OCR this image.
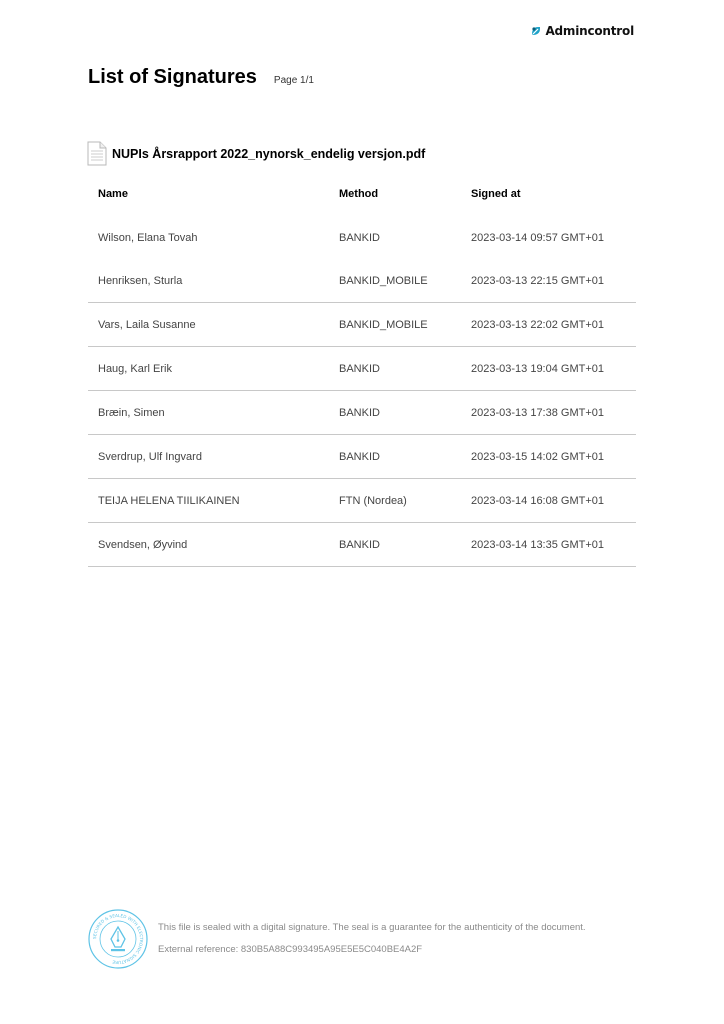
Admincontrol
List of Signatures Page 1/1
NUPIs Årsrapport 2022_nynorsk_endelig versjon.pdf
Name	Method	Signed at
Wilson, Elana Tovah	BANKID	2023-03-14 09:57 GMT+01
Henriksen, Sturla	BANKID_MOBILE	2023-03-13 22:15 GMT+01
Vars, Laila Susanne	BANKID_MOBILE	2023-03-13 22:02 GMT+01
Haug, Karl Erik	BANKID	2023-03-13 19:04 GMT+01
Bræin, Simen	BANKID	2023-03-13 17:38 GMT+01
Sverdrup, Ulf Ingvard	BANKID	2023-03-15 14:02 GMT+01
TEIJA HELENA TIILIKAINEN	FTN (Nordea)	2023-03-14 16:08 GMT+01
Svendsen, Øyvind	BANKID	2023-03-14 13:35 GMT+01
SECURED & SEALED WITH ELECTRONIC SIGNATURE
This file is sealed with a digital signature. The seal is a guarantee for the authenticity of the document.
External reference: 830B5A88C993495A95E5E5C040BE4A2F
